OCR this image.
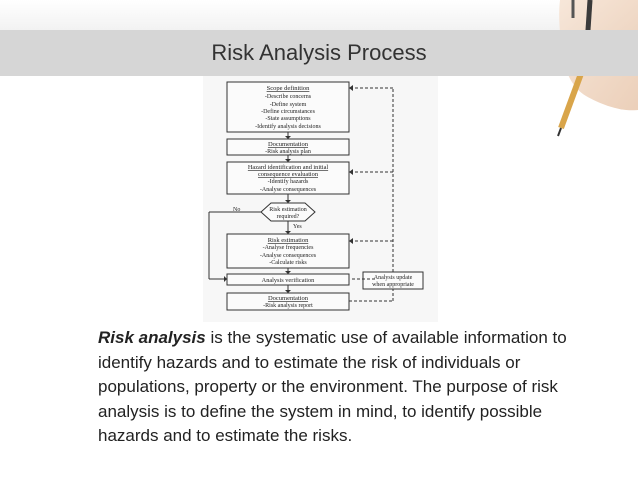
Risk Analysis Process
Scope definition
-Describe concerns
-Define system
-Define circumstances
-State assumptions
-Identify analysis decisions
Documentation
-Risk analysis plan
Hazard identification and initial
consequence evaluation
-Identify hazards
-Analyse consequences
Risk estimation
required?
No
Yes
Risk estimation
-Analyse frequencies
-Analyse consequences
-Calculate risks
Analysis verification
Documentation
-Risk analysis report
Analysis update
when appropriate
Risk analysis is the systematic use of available information to identify hazards and to estimate the risk of individuals or populations, property or the environment. The purpose of risk analysis is to define the system in mind, to identify possible hazards and to estimate the risks.
